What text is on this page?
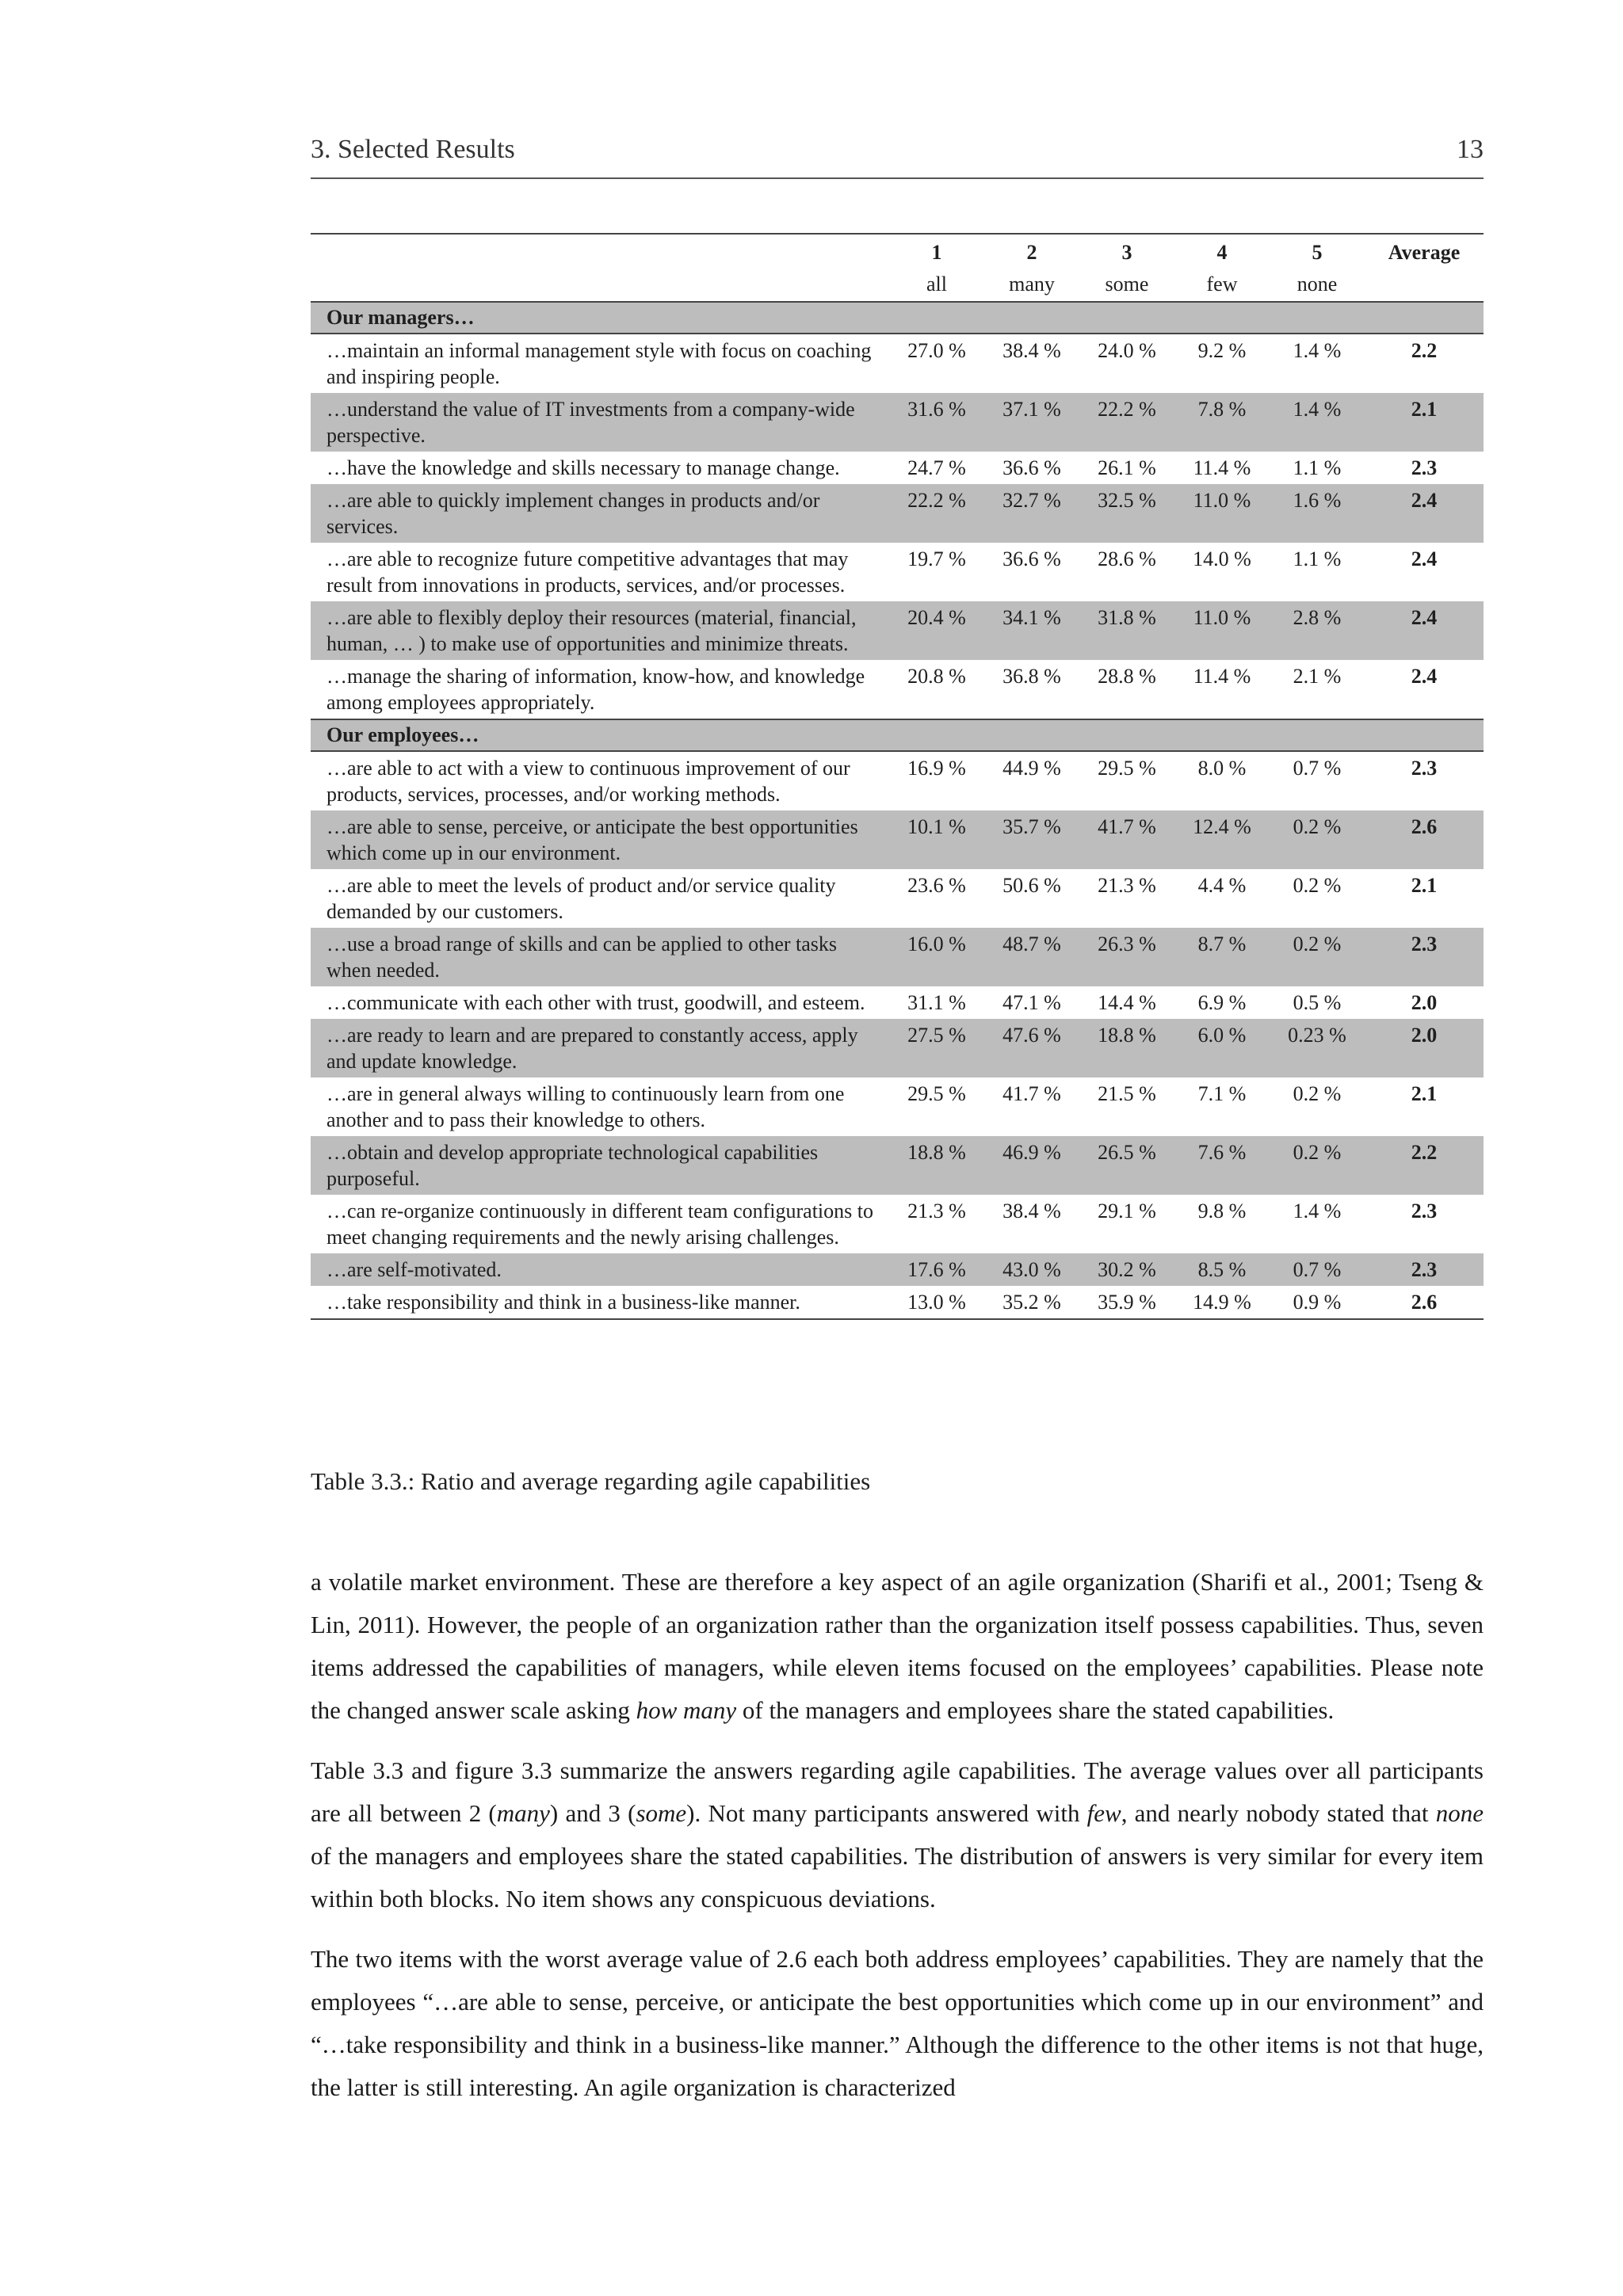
3. Selected Results	13
	1	2	3	4	5	Average
	all	many	some	few	none	
Our managers…						
…maintain an informal management style with focus on coaching and inspiring people.	27.0 %	38.4 %	24.0 %	9.2 %	1.4 %	2.2
…understand the value of IT investments from a company-wide perspective.	31.6 %	37.1 %	22.2 %	7.8 %	1.4 %	2.1
…have the knowledge and skills necessary to manage change.	24.7 %	36.6 %	26.1 %	11.4 %	1.1 %	2.3
…are able to quickly implement changes in products and/or services.	22.2 %	32.7 %	32.5 %	11.0 %	1.6 %	2.4
…are able to recognize future competitive advantages that may result from innovations in products, services, and/or processes.	19.7 %	36.6 %	28.6 %	14.0 %	1.1 %	2.4
…are able to flexibly deploy their resources (material, financial, human, … ) to make use of opportunities and minimize threats.	20.4 %	34.1 %	31.8 %	11.0 %	2.8 %	2.4
…manage the sharing of information, know-how, and knowledge among employees appropriately.	20.8 %	36.8 %	28.8 %	11.4 %	2.1 %	2.4
Our employees…						
…are able to act with a view to continuous improvement of our products, services, processes, and/or working methods.	16.9 %	44.9 %	29.5 %	8.0 %	0.7 %	2.3
…are able to sense, perceive, or anticipate the best opportunities which come up in our environment.	10.1 %	35.7 %	41.7 %	12.4 %	0.2 %	2.6
…are able to meet the levels of product and/or service quality demanded by our customers.	23.6 %	50.6 %	21.3 %	4.4 %	0.2 %	2.1
…use a broad range of skills and can be applied to other tasks when needed.	16.0 %	48.7 %	26.3 %	8.7 %	0.2 %	2.3
…communicate with each other with trust, goodwill, and esteem.	31.1 %	47.1 %	14.4 %	6.9 %	0.5 %	2.0
…are ready to learn and are prepared to constantly access, apply and update knowledge.	27.5 %	47.6 %	18.8 %	6.0 %	0.23 %	2.0
…are in general always willing to continuously learn from one another and to pass their knowledge to others.	29.5 %	41.7 %	21.5 %	7.1 %	0.2 %	2.1
…obtain and develop appropriate technological capabilities purposeful.	18.8 %	46.9 %	26.5 %	7.6 %	0.2 %	2.2
…can re-organize continuously in different team configurations to meet changing requirements and the newly arising challenges.	21.3 %	38.4 %	29.1 %	9.8 %	1.4 %	2.3
…are self-motivated.	17.6 %	43.0 %	30.2 %	8.5 %	0.7 %	2.3
…take responsibility and think in a business-like manner.	13.0 %	35.2 %	35.9 %	14.9 %	0.9 %	2.6
Table 3.3.: Ratio and average regarding agile capabilities

a volatile market environment. These are therefore a key aspect of an agile organization (Sharifi et al., 2001; Tseng & Lin, 2011). However, the people of an organization rather than the organization itself possess capabilities. Thus, seven items addressed the capabilities of managers, while eleven items focused on the employees’ capabilities. Please note the changed answer scale asking how many of the managers and employees share the stated capabilities.

Table 3.3 and figure 3.3 summarize the answers regarding agile capabilities. The average values over all participants are all between 2 (many) and 3 (some). Not many participants answered with few, and nearly nobody stated that none of the managers and employees share the stated capabilities. The distribution of answers is very similar for every item within both blocks. No item shows any conspicuous deviations.

The two items with the worst average value of 2.6 each both address employees’ capabilities. They are namely that the employees “…are able to sense, perceive, or anticipate the best opportunities which come up in our environment” and “…take responsibility and think in a business-like manner.” Although the difference to the other items is not that huge, the latter is still interesting. An agile organization is characterized
